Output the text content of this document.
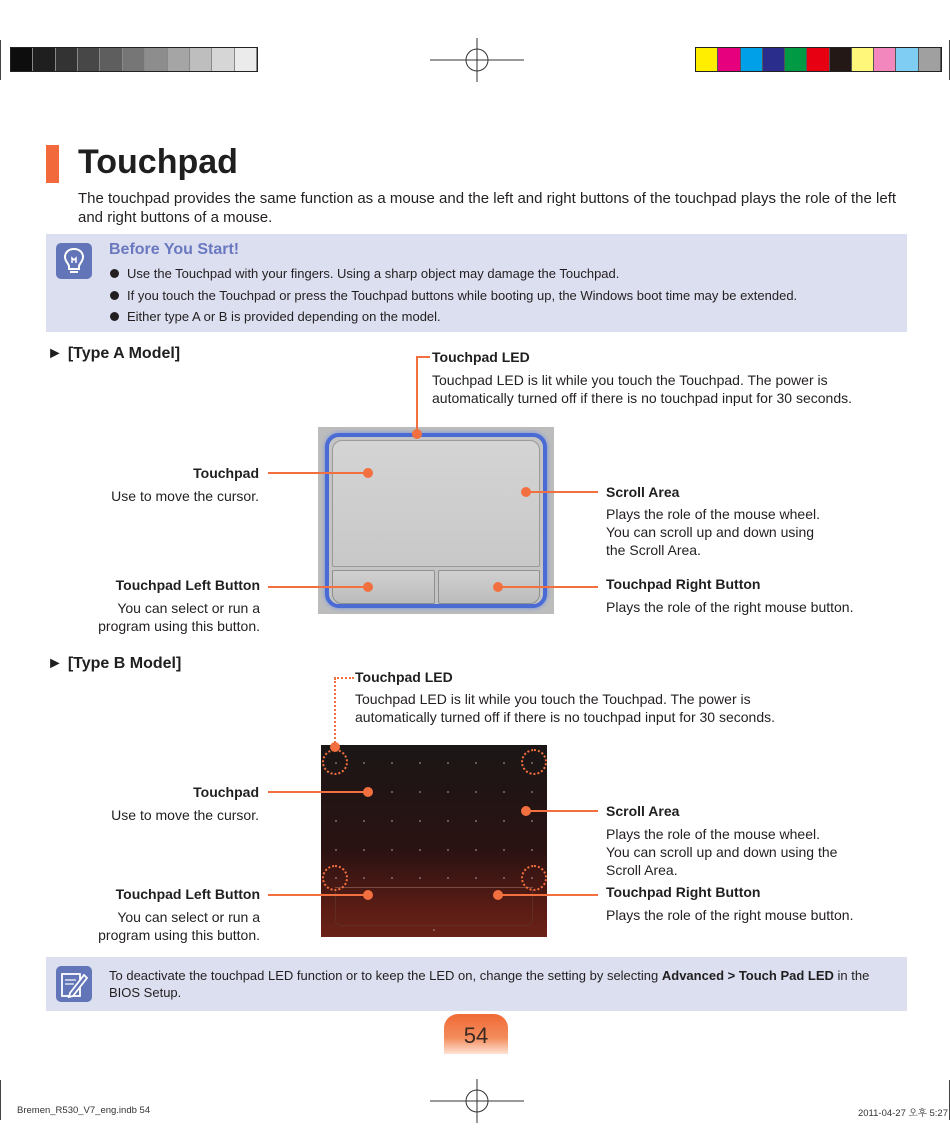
Touchpad

The touchpad provides the same function as a mouse and the left and right buttons of the touchpad plays the role of the left and right buttons of a mouse.

Before You Start!
Use the Touchpad with your fingers. Using a sharp object may damage the Touchpad.
If you touch the Touchpad or press the Touchpad buttons while booting up, the Windows boot time may be extended.
Either type A or B is provided depending on the model.
► [Type A Model]	Touchpad LED
Touchpad LED is lit while you touch the Touchpad. The power is
automatically turned off if there is no touchpad input for 30 seconds.
Touchpad
Use to move the cursor.	Scroll Area
Plays the role of the mouse wheel.
You can scroll up and down using
the Scroll Area.
Touchpad Left Button
You can select or run a
program using this button.
Touchpad Right Button
Plays the role of the right mouse button.
► [Type B Model]
Touchpad LED
Touchpad LED is lit while you touch the Touchpad. The power is
automatically turned off if there is no touchpad input for 30 seconds.
Touchpad
Use to move the cursor.	Scroll Area
Plays the role of the mouse wheel.
You can scroll up and down using the
Scroll Area.
Touchpad Left Button
You can select or run a
program using this button.
Touchpad Right Button
Plays the role of the right mouse button.
To deactivate the touchpad LED function or to keep the LED on, change the setting by selecting Advanced > Touch Pad LED in the BIOS Setup.
54
Bremen_R530_V7_eng.indb 54	2011-04-27 오후 5:27
